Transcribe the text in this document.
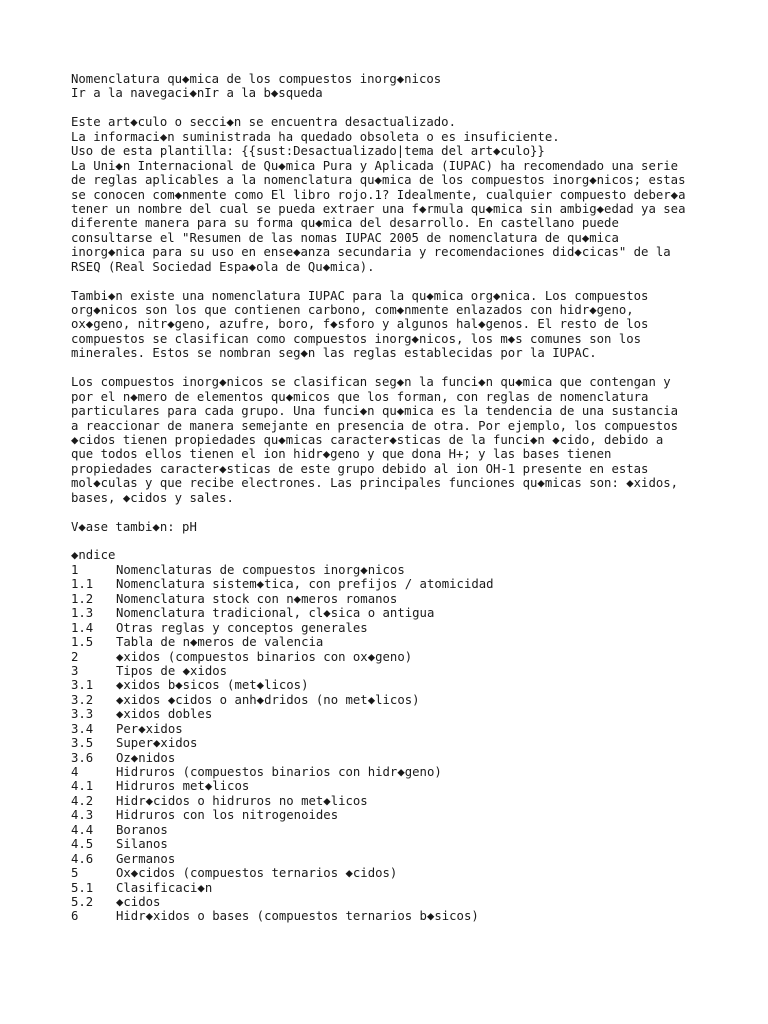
Nomenclatura qu◆mica de los compuestos inorg◆nicos
Ir a la navegaci◆nIr a la b◆squeda
Este art◆culo o secci◆n se encuentra desactualizado.
La informaci◆n suministrada ha quedado obsoleta o es insuficiente.
Uso de esta plantilla: {{sust:Desactualizado|tema del art◆culo}}
La Uni◆n Internacional de Qu◆mica Pura y Aplicada (IUPAC) ha recomendado una serie
de reglas aplicables a la nomenclatura qu◆mica de los compuestos inorg◆nicos; estas
se conocen com◆nmente como El libro rojo.1? Idealmente, cualquier compuesto deber◆a
tener un nombre del cual se pueda extraer una f◆rmula qu◆mica sin ambig◆edad ya sea
diferente manera para su forma qu◆mica del desarrollo. En castellano puede
consultarse el "Resumen de las nomas IUPAC 2005 de nomenclatura de qu◆mica
inorg◆nica para su uso en ense◆anza secundaria y recomendaciones did◆cicas" de la
RSEQ (Real Sociedad Espa◆ola de Qu◆mica).
Tambi◆n existe una nomenclatura IUPAC para la qu◆mica org◆nica. Los compuestos
org◆nicos son los que contienen carbono, com◆nmente enlazados con hidr◆geno,
ox◆geno, nitr◆geno, azufre, boro, f◆sforo y algunos hal◆genos. El resto de los
compuestos se clasifican como compuestos inorg◆nicos, los m◆s comunes son los
minerales. Estos se nombran seg◆n las reglas establecidas por la IUPAC.
Los compuestos inorg◆nicos se clasifican seg◆n la funci◆n qu◆mica que contengan y
por el n◆mero de elementos qu◆micos que los forman, con reglas de nomenclatura
particulares para cada grupo. Una funci◆n qu◆mica es la tendencia de una sustancia
a reaccionar de manera semejante en presencia de otra. Por ejemplo, los compuestos
◆cidos tienen propiedades qu◆micas caracter◆sticas de la funci◆n ◆cido, debido a
que todos ellos tienen el ion hidr◆geno y que dona H+; y las bases tienen
propiedades caracter◆sticas de este grupo debido al ion OH-1 presente en estas
mol◆culas y que recibe electrones. Las principales funciones qu◆micas son: ◆xidos,
bases, ◆cidos y sales.
V◆ase tambi◆n: pH
◆ndice
1	Nomenclaturas de compuestos inorg◆nicos
1.1	Nomenclatura sistem◆tica, con prefijos / atomicidad
1.2	Nomenclatura stock con n◆meros romanos
1.3	Nomenclatura tradicional, cl◆sica o antigua
1.4	Otras reglas y conceptos generales
1.5	Tabla de n◆meros de valencia
2	◆xidos (compuestos binarios con ox◆geno)
3	Tipos de ◆xidos
3.1	◆xidos b◆sicos (met◆licos)
3.2	◆xidos ◆cidos o anh◆dridos (no met◆licos)
3.3	◆xidos dobles
3.4	Per◆xidos
3.5	Super◆xidos
3.6	Oz◆nidos
4	Hidruros (compuestos binarios con hidr◆geno)
4.1	Hidruros met◆licos
4.2	Hidr◆cidos o hidruros no met◆licos
4.3	Hidruros con los nitrogenoides
4.4	Boranos
4.5	Silanos
4.6	Germanos
5	Ox◆cidos (compuestos ternarios ◆cidos)
5.1	Clasificaci◆n
5.2	◆cidos
6	Hidr◆xidos o bases (compuestos ternarios b◆sicos)
